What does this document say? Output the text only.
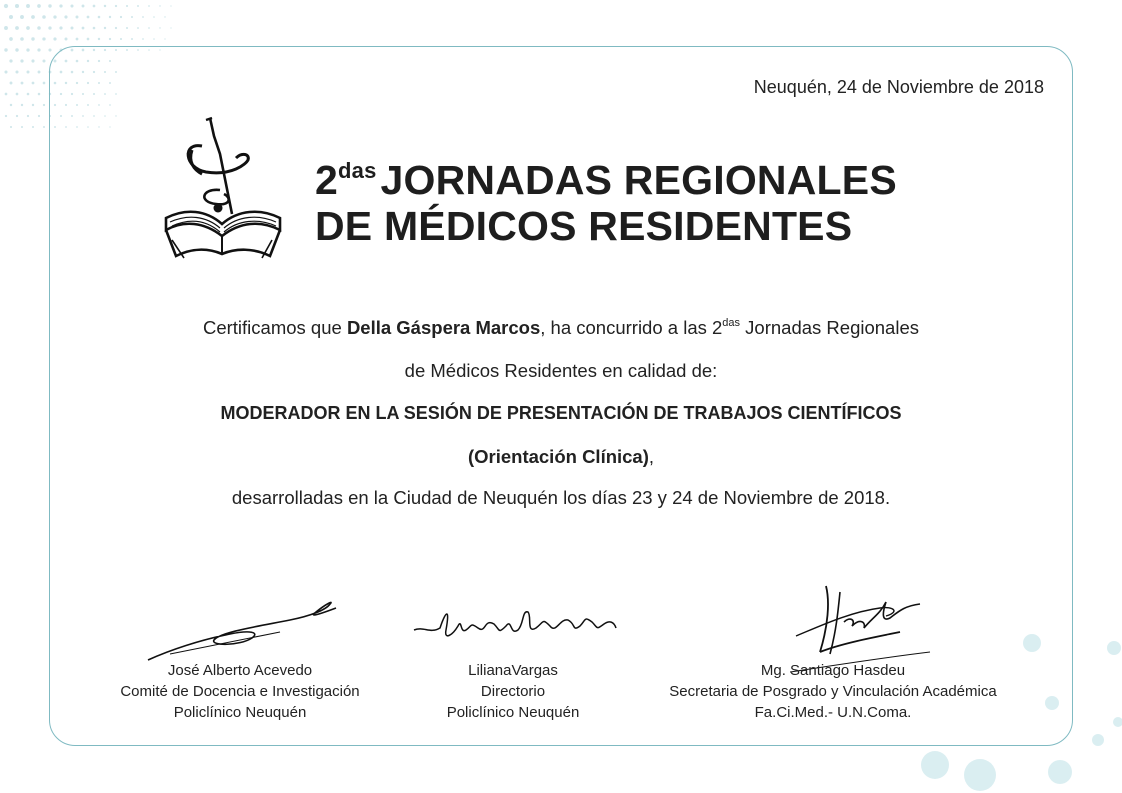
Neuquén, 24 de Noviembre de 2018
$2^{das}JORNADAS$ REGIONALES
DE MÉDICOS RESIDENTES
Certificamos que Della Gáspera Marcos, ha concurrido a las $2^{das}$ Jornadas Regionales
de Médicos Residentes en calidad de:
MODERADOR EN LA SESIÓN DE PRESENTACIÓN DE TRABAJOS CIENTÍFICOS
(Orientación Clínica),
desarrolladas en la Ciudad de Neuquén los días 23 y 24 de Noviembre de 2018.
José Alberto Acevedo
Comité de Docencia e Investigación
Policlínico Neuquén
LilianaVargas
Directorio
Policlínico Neuquén
Mg. Santiago Hasdeu
Secretaria de Posgrado y Vinculación Académica
Fa.Ci.Med.- U.N.Coma.
